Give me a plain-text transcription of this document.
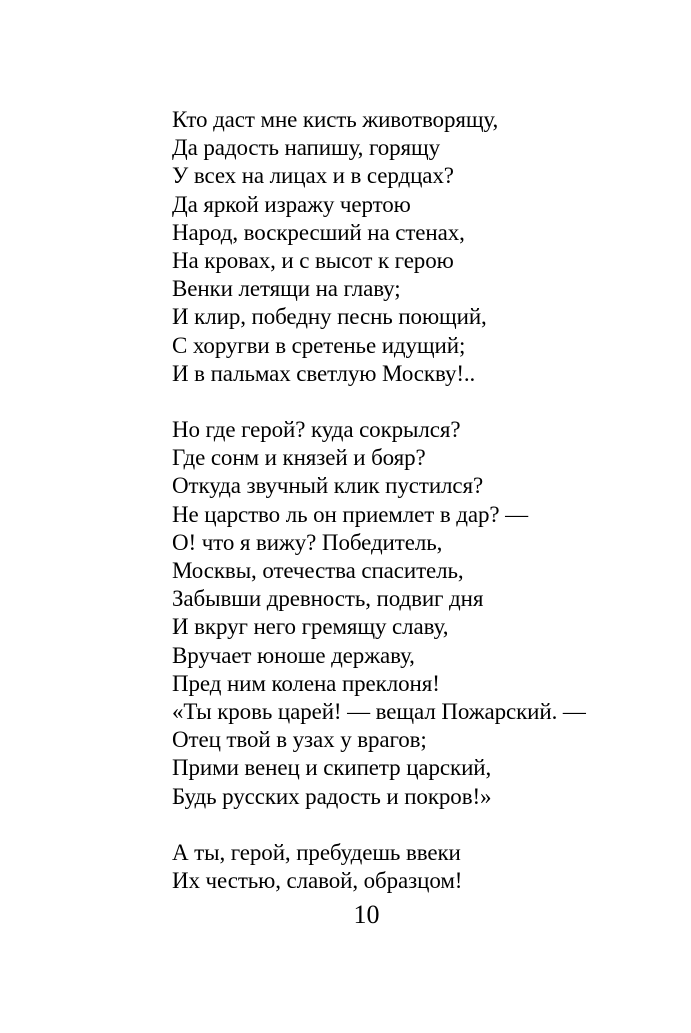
Кто даст мне кисть животворящу,
Да радость напишу, горящу
У всех на лицах и в сердцах?
Да яркой изражу чертою
Народ, воскресший на стенах,
На кровах, и с высот к герою
Венки летящи на главу;
И клир, победну песнь поющий,
С хоругви в сретенье идущий;
И в пальмах светлую Москву!..
Но где герой? куда сокрылся?
Где сонм и князей и бояр?
Откуда звучный клик пустился?
Не царство ль он приемлет в дар? —
О! что я вижу? Победитель,
Москвы, отечества спаситель,
Забывши древность, подвиг дня
И вкруг него гремящу славу,
Вручает юноше державу,
Пред ним колена преклоня!
«Ты кровь царей! — вещал Пожарский. —
Отец твой в узах у врагов;
Прими венец и скипетр царский,
Будь русских радость и покров!»
А ты, герой, пребудешь ввеки
Их честью, славой, образцом!
10
